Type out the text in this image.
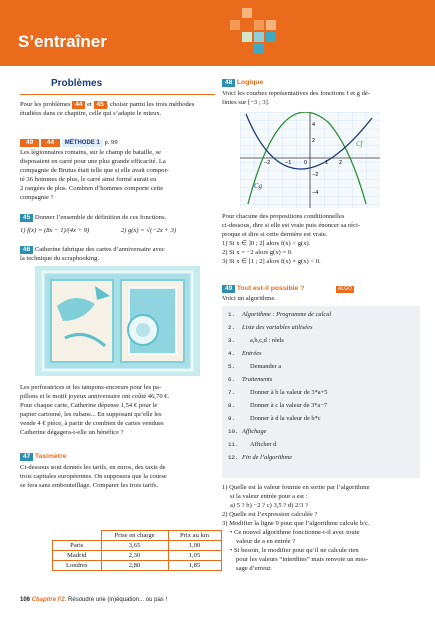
S’entraîner
Problèmes
Pour les problèmes 44 et 45 , choisir parmi les trois méthodes étudiées dans ce chapitre, celle qui s’adapte le mieux.
49 44 MÉTHODE 1 p. 99
Les légionnaires romains, sur le champ de bataille, se
disposaient en carré pour une plus grande efficacité. La
compagnie de Brutus était telle que si elle avait compor-
té 36 hommes de plus, le carré ainsi formé aurait eu
2 rangées de plus. Combien d’hommes comporte cette
compagnie ?
45 Donner l’ensemble de définition de ces fonctions.
1) f(x) = (8x − 1)/(4x + 9)	2) g(x) = √(−2x + 3)
46 Catherine fabrique des cartes d’anniversaire avec
la technique du scrapbooking.
Les perforatrices et les tampons-encreurs pour les pa-
pillons et le motif joyeux anniversaire ont coûté 46,70 €.
Pour chaque carte, Catherine dépense 1,54 € pour le
papier cartonné, les rubans... En supposant qu’elle les
vende 4 € pièce, à partir de combien de cartes vendues
Catherine dégagera-t-elle un bénéfice ?
47 Taximètre
Ci-dessous sont donnés les tarifs, en euros, des taxis de
trois capitales européennes. On supposera que la course
se fera sans embouteillage. Comparer les trois tarifs.
	Prise en charge	Prix au km
Paris	3,65	1,00
Madrid	2,30	1,05
Londres	2,80	1,85
48 Logique
Voici les courbes représentatives des fonctions f et g dé-
finies sur [−3 ; 3].
−2	−1 0	1 2
4
2
−2
−4
Cf
Cg
Pour chacune des propositions conditionnelles
ci-dessous, dire si elle est vraie puis énoncer sa réci-
proque et dire si cette dernière est vraie.
1) Si x ∈ ]0 ; 2[ alors f(x) < g(x).
2) Si x = −2 alors g(x) = 0.
3) Si x ∈ [1 ; 2] alors f(x) × g(x) < 0.
49 Tout est-il possible ?	ALGO
Voici un algorithme.
1. Algorithme : Programme de calcul
2. Liste des variables utilisées
3. a,b,c,d : réels
4. Entrées
5. Demander a
6. Traitements
7. Donner à b la valeur de 3*a+5
8. Donner à c la valeur de 3*a−7
9. Donner à d la valeur de b*c
10. Affichage
11. Afficher d
12. Fin de l’algorithme
1) Quelle est la valeur fournie en sortie par l’algorithme
si la valeur entrée pour a est :
a) 5 ? b) −2 ? c) 3,5 ? d) 2/3 ?
2) Quelle est l’expression calculée ?
3) Modifier la ligne 9 pour que l’algorithme calcule b/c.
• Ce nouvel algorithme fonctionne-t-il avec toute
valeur de a en entrée ?
• Si besoin, le modifier pour qu’il ne calcule rien
pour les valeurs “interdites” mais renvoie un mes-
sage d’erreur.
106 Chapitre F2. Résoudre une (in)équation... ou pas !
